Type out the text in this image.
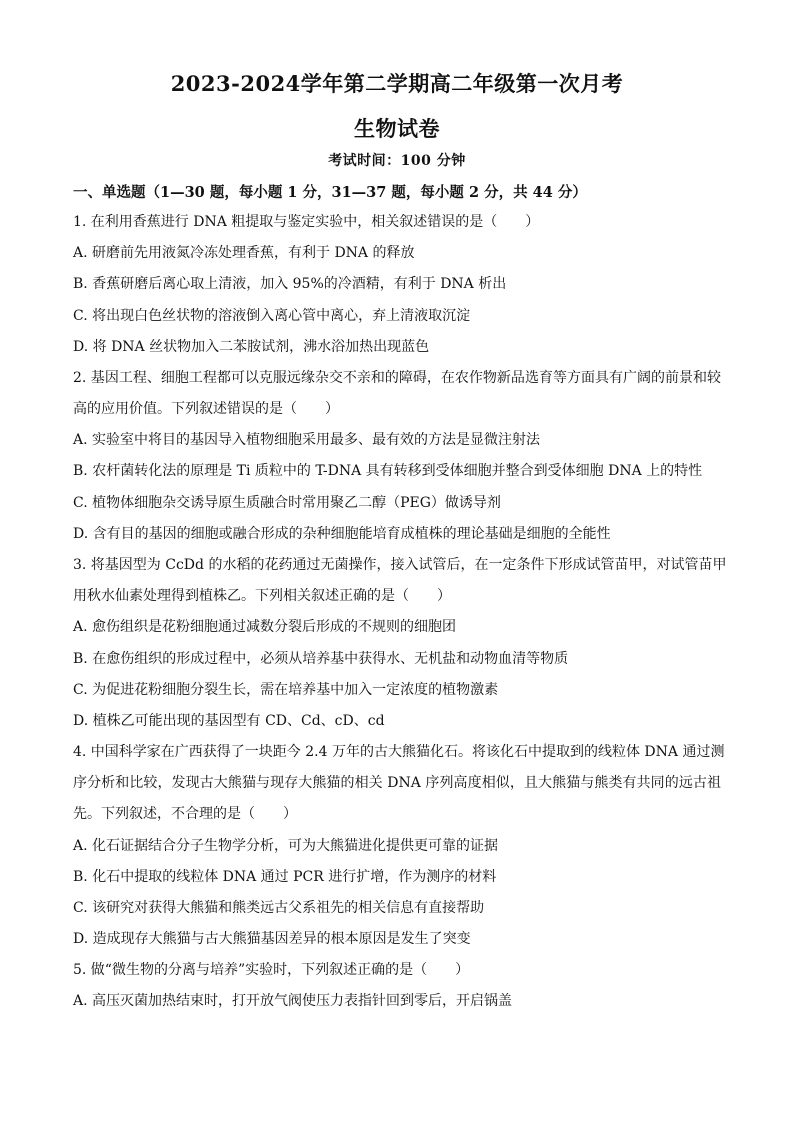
2023-2024学年第二学期高二年级第一次月考
生物试卷
考试时间：100 分钟
一、单选题（1—30 题，每小题 1 分，31—37 题，每小题 2 分，共 44 分）
1. 在利用香蕉进行 DNA 粗提取与鉴定实验中，相关叙述错误的是（　　）
A. 研磨前先用液氮冷冻处理香蕉，有利于 DNA 的释放
B. 香蕉研磨后离心取上清液，加入 95%的冷酒精，有利于 DNA 析出
C. 将出现白色丝状物的溶液倒入离心管中离心，弃上清液取沉淀
D. 将 DNA 丝状物加入二苯胺试剂，沸水浴加热出现蓝色
2. 基因工程、细胞工程都可以克服远缘杂交不亲和的障碍，在农作物新品选育等方面具有广阔的前景和较
高的应用价值。下列叙述错误的是（　　）
A. 实验室中将目的基因导入植物细胞采用最多、最有效的方法是显微注射法
B. 农杆菌转化法的原理是 Ti 质粒中的 T-DNA 具有转移到受体细胞并整合到受体细胞 DNA 上的特性
C. 植物体细胞杂交诱导原生质融合时常用聚乙二醇（PEG）做诱导剂
D. 含有目的基因的细胞或融合形成的杂种细胞能培育成植株的理论基础是细胞的全能性
3. 将基因型为 CcDd 的水稻的花药通过无菌操作，接入试管后，在一定条件下形成试管苗甲，对试管苗甲
用秋水仙素处理得到植株乙。下列相关叙述正确的是（　　）
A. 愈伤组织是花粉细胞通过减数分裂后形成的不规则的细胞团
B. 在愈伤组织的形成过程中，必须从培养基中获得水、无机盐和动物血清等物质
C. 为促进花粉细胞分裂生长，需在培养基中加入一定浓度的植物激素
D. 植株乙可能出现的基因型有 CD、Cd、cD、cd
4. 中国科学家在广西获得了一块距今 2.4 万年的古大熊猫化石。将该化石中提取到的线粒体 DNA 通过测
序分析和比较，发现古大熊猫与现存大熊猫的相关 DNA 序列高度相似，且大熊猫与熊类有共同的远古祖
先。下列叙述，不合理的是（　　）
A. 化石证据结合分子生物学分析，可为大熊猫进化提供更可靠的证据
B. 化石中提取的线粒体 DNA 通过 PCR 进行扩增，作为测序的材料
C. 该研究对获得大熊猫和熊类远古父系祖先的相关信息有直接帮助
D. 造成现存大熊猫与古大熊猫基因差异的根本原因是发生了突变
5. 做“微生物的分离与培养”实验时，下列叙述正确的是（　　）
A. 高压灭菌加热结束时，打开放气阀使压力表指针回到零后，开启锅盖
